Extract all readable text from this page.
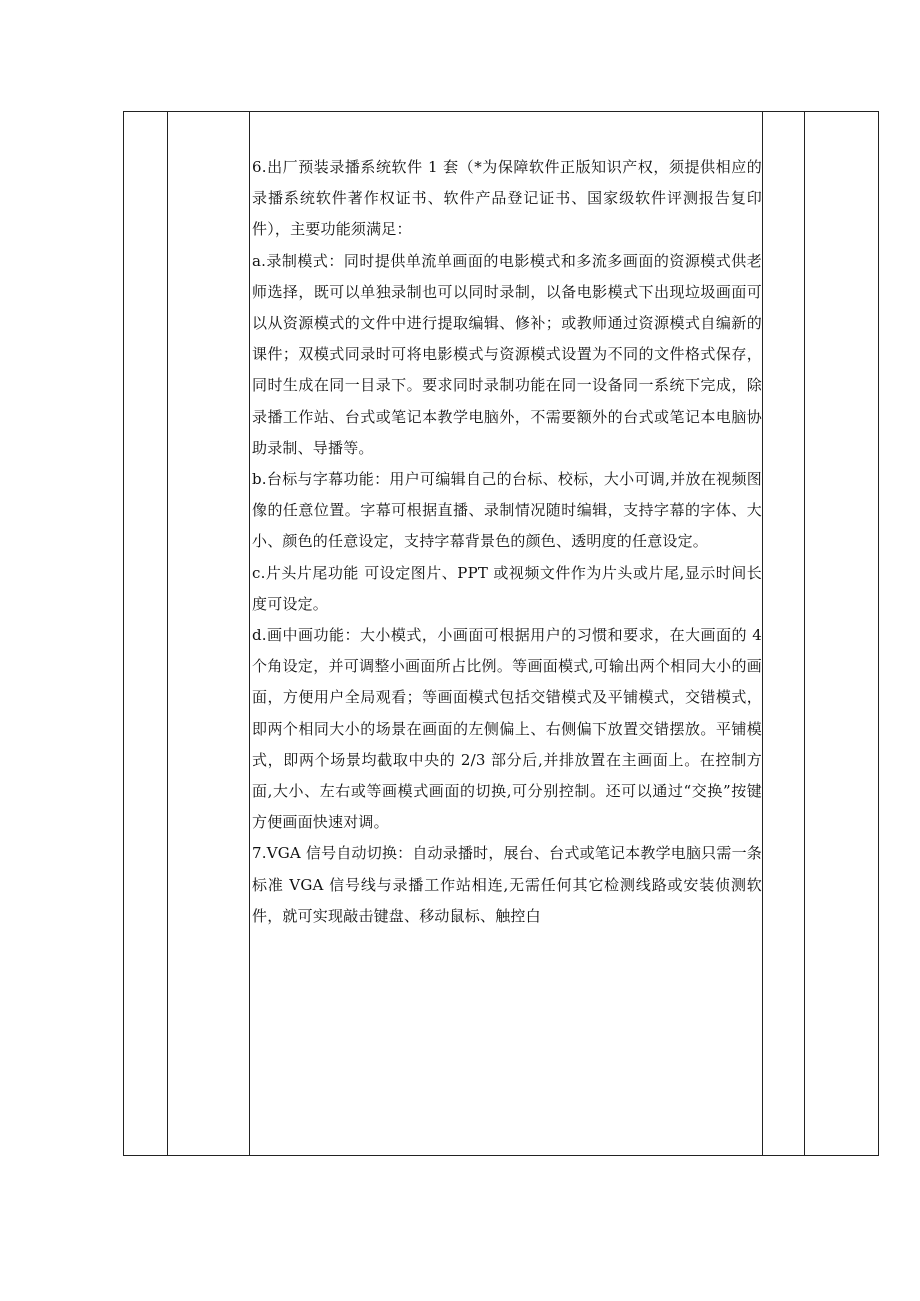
6.出厂预装录播系统软件 1 套（*为保障软件正版知识产权，须提供相应的录播系统软件著作权证书、软件产品登记证书、国家级软件评测报告复印件），主要功能须满足：

a.录制模式：同时提供单流单画面的电影模式和多流多画面的资源模式供老师选择，既可以单独录制也可以同时录制，以备电影模式下出现垃圾画面可以从资源模式的文件中进行提取编辑、修补；或教师通过资源模式自编新的课件；双模式同录时可将电影模式与资源模式设置为不同的文件格式保存，同时生成在同一目录下。要求同时录制功能在同一设备同一系统下完成，除录播工作站、台式或笔记本教学电脑外，不需要额外的台式或笔记本电脑协助录制、导播等。

b.台标与字幕功能：用户可编辑自己的台标、校标，大小可调,并放在视频图像的任意位置。字幕可根据直播、录制情况随时编辑，支持字幕的字体、大小、颜色的任意设定，支持字幕背景色的颜色、透明度的任意设定。

c.片头片尾功能 可设定图片、PPT 或视频文件作为片头或片尾,显示时间长度可设定。

d.画中画功能：大小模式，小画面可根据用户的习惯和要求，在大画面的 4 个角设定，并可调整小画面所占比例。等画面模式,可输出两个相同大小的画面，方便用户全局观看；等画面模式包括交错模式及平铺模式，交错模式，即两个相同大小的场景在画面的左侧偏上、右侧偏下放置交错摆放。平铺模式，即两个场景均截取中央的 2/3 部分后,并排放置在主画面上。在控制方面,大小、左右或等画模式画面的切换,可分别控制。还可以通过“交换”按键方便画面快速对调。

7.VGA 信号自动切换：自动录播时，展台、台式或笔记本教学电脑只需一条标准 VGA 信号线与录播工作站相连,无需任何其它检测线路或安装侦测软件，就可实现敲击键盘、移动鼠标、触控白
